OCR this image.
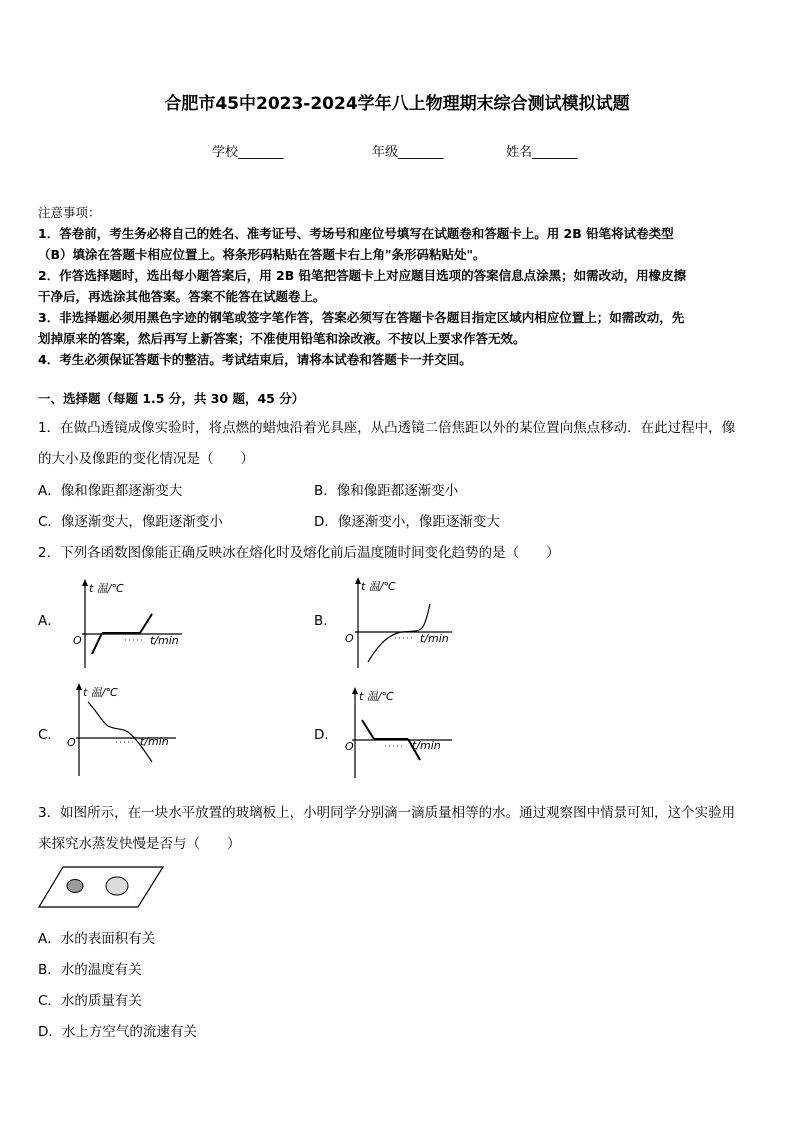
合肥市45中2023-2024学年八上物理期末综合测试模拟试题
学校_______	年级_______	姓名_______
注意事项：
1．答卷前，考生务必将自己的姓名、准考证号、考场号和座位号填写在试题卷和答题卡上。用 2B 铅笔将试卷类型
（B）填涂在答题卡相应位置上。将条形码粘贴在答题卡右上角"条形码粘贴处"。
2．作答选择题时，选出每小题答案后，用 2B 铅笔把答题卡上对应题目选项的答案信息点涂黑；如需改动，用橡皮擦
干净后，再选涂其他答案。答案不能答在试题卷上。
3．非选择题必须用黑色字迹的钢笔或签字笔作答，答案必须写在答题卡各题目指定区域内相应位置上；如需改动，先
划掉原来的答案，然后再写上新答案；不准使用铅笔和涂改液。不按以上要求作答无效。
4．考生必须保证答题卡的整洁。考试结束后，请将本试卷和答题卡一并交回。
一、选择题（每题 1.5 分，共 30 题，45 分）
1．在做凸透镜成像实验时，将点燃的蜡烛沿着光具座，从凸透镜二倍焦距以外的某位置向焦点移动．在此过程中，像
的大小及像距的变化情况是（　　）
A．像和像距都逐渐变大	B．像和像距都逐渐变小
C．像逐渐变大，像距逐渐变小	D．像逐渐变小，像距逐渐变大
2．下列各函数图像能正确反映冰在熔化时及熔化前后温度随时间变化趋势的是（　　）
A．	B．
C．	D．
t 温/℃
O	t/min
t 温/℃
O	t/min
t 温/℃
O	t/min
t 温/℃
O	t/min
3．如图所示，在一块水平放置的玻璃板上，小明同学分别滴一滴质量相等的水。通过观察图中情景可知，这个实验用
来探究水蒸发快慢是否与（　　）
A．水的表面积有关
B．水的温度有关
C．水的质量有关
D．水上方空气的流速有关
